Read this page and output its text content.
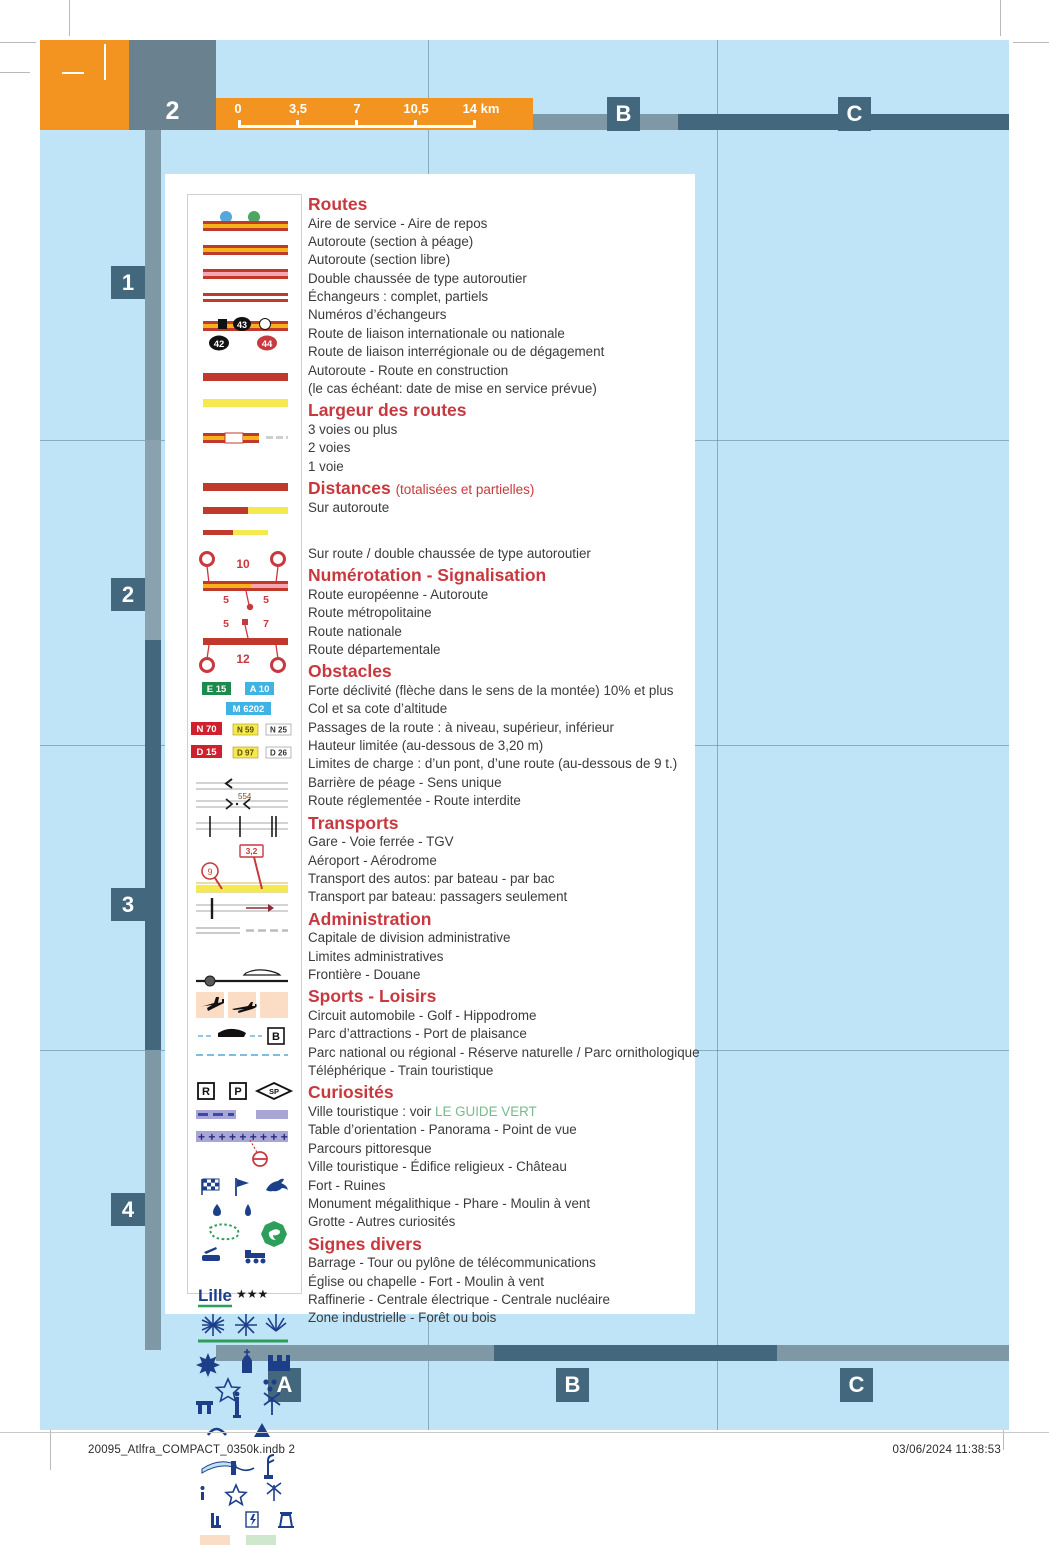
2	0	3,5	7	10,5	14 km	B	C
1
2
3
4
A	B	C
43
42	44
10
5	5
5	7
12
E 15 A 10
M 6202
N 70	N 59 N 25
D 15	D 97 D 26
554
3,2
9
B
R P	SP
+ + + + + + + + +
Lille ★★★
Routes
Aire de service - Aire de repos
Autoroute (section à péage)
Autoroute (section libre)
Double chaussée de type autoroutier
Échangeurs : complet, partiels
Numéros d’échangeurs
Route de liaison internationale ou nationale
Route de liaison interrégionale ou de dégagement
Autoroute - Route en construction
(le cas échéant: date de mise en service prévue)
Largeur des routes
3 voies ou plus
2 voies
1 voie
Distances (totalisées et partielles)
Sur autoroute
Sur route / double chaussée de type autoroutier
Numérotation - Signalisation
Route européenne - Autoroute
Route métropolitaine
Route nationale
Route départementale
Obstacles
Forte déclivité (flèche dans le sens de la montée) 10% et plus
Col et sa cote d’altitude
Passages de la route : à niveau, supérieur, inférieur
Hauteur limitée (au-dessous de 3,20 m)
Limites de charge : d’un pont, d’une route (au-dessous de 9 t.)
Barrière de péage - Sens unique
Route réglementée - Route interdite
Transports
Gare - Voie ferrée - TGV
Aéroport - Aérodrome
Transport des autos: par bateau - par bac
Transport par bateau: passagers seulement
Administration
Capitale de division administrative
Limites administratives
Frontière - Douane
Sports - Loisirs
Circuit automobile - Golf - Hippodrome
Parc d’attractions - Port de plaisance
Parc national ou régional - Réserve naturelle / Parc ornithologique
Téléphérique - Train touristique
Curiosités
Ville touristique : voir LE GUIDE VERT
Table d’orientation - Panorama - Point de vue
Parcours pittoresque
Ville touristique - Édifice religieux - Château
Fort - Ruines
Monument mégalithique - Phare - Moulin à vent
Grotte - Autres curiosités
Signes divers
Barrage - Tour ou pylône de télécommunications
Église ou chapelle - Fort - Moulin à vent
Raffinerie - Centrale électrique - Centrale nucléaire
Zone industrielle - Forêt ou bois
20095_Atlfra_COMPACT_0350k.indb 2	03/06/2024 11:38:53
